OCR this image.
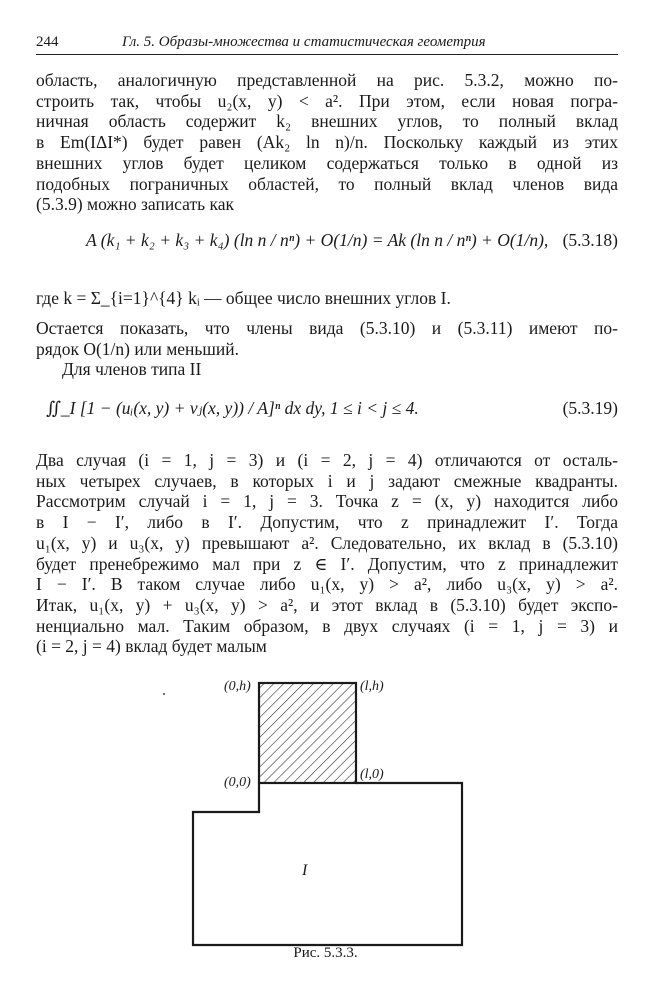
244	Гл. 5. Образы-множества и статистическая геометрия

область, аналогичную представленной на рис. 5.3.2, можно по-
строить так, чтобы u₂(x, y) < a². При этом, если новая погра-
ничная область содержит k₂ внешних углов, то полный вклад
в Em(IΔI*) будет равен (Ak₂ ln n)/n. Поскольку каждый из этих
внешних углов будет целиком содержаться только в одной из
подобных пограничных областей, то полный вклад членов вида
(5.3.9) можно записать как

A (k₁ + k₂ + k₃ + k₄) (ln n / nⁿ) + O(1/n) = Ak (ln n / nⁿ) + O(1/n), (5.3.18)

где k = Σ_{i=1}^{4} kᵢ — общее число внешних углов I.

Остается показать, что члены вида (5.3.10) и (5.3.11) имеют по-
рядок O(1/n) или меньший.

Для членов типа II

∬_I [1 − (uᵢ(x, y) + vⱼ(x, y)) / A]ⁿ dx dy, 1 ≤ i < j ≤ 4.	(5.3.19)

Два случая (i = 1, j = 3) и (i = 2, j = 4) отличаются от осталь-
ных четырех случаев, в которых i и j задают смежные квадранты.
Рассмотрим случай i = 1, j = 3. Точка z = (x, y) находится либо
в I − I′, либо в I′. Допустим, что z принадлежит I′. Тогда
u₁(x, y) и u₃(x, y) превышают a². Следовательно, их вклад в (5.3.10)
будет пренебрежимо мал при z ∈ I′. Допустим, что z принадлежит
I − I′. В таком случае либо u₁(x, y) > a², либо u₃(x, y) > a².
Итак, u₁(x, y) + u₃(x, y) > a², и этот вклад в (5.3.10) будет экспо-
ненциально мал. Таким образом, в двух случаях (i = 1, j = 3) и
(i = 2, j = 4) вклад будет малым

(0,h)	(l,h)
(0,0)
(l,0)
I
Рис. 5.3.3.
